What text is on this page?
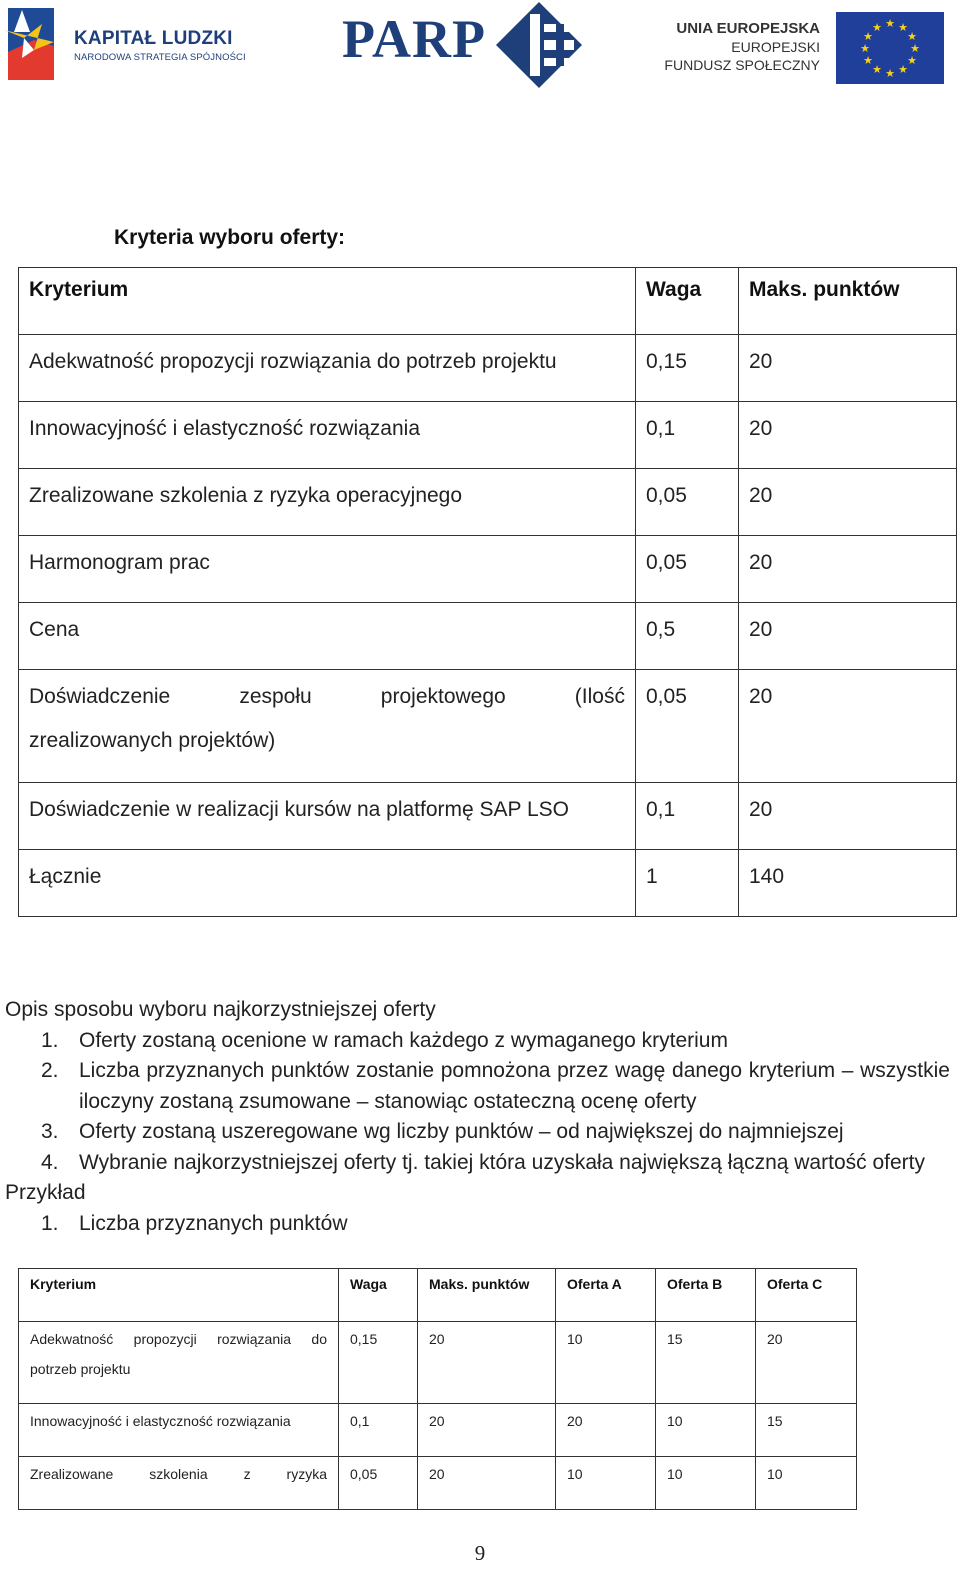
KAPITAŁ LUDZKI
NARODOWA STRATEGIA SPÓJNOŚCI PARP	UNIA EUROPEJSKA
EUROPEJSKI
FUNDUSZ SPOŁECZNY
★ ★
★
★
★
★
★
★
★
★
★
★
Kryteria wyboru oferty:
Kryterium	Waga	Maks. punktów
Adekwatność propozycji rozwiązania do potrzeb projektu	0,15	20
Innowacyjność i elastyczność rozwiązania	0,1	20
Zrealizowane szkolenia z ryzyka operacyjnego	0,05	20
Harmonogram prac	0,05	20
Cena	0,5	20

Doświadczenie zespołu projektowego (Ilość
zrealizowanych projektów)	0,05	20
Doświadczenie w realizacji kursów na platformę SAP LSO	0,1	20
Łącznie	1	140

Opis sposobu wyboru najkorzystniejszej oferty

1. Oferty zostaną ocenione w ramach każdego z wymaganego kryterium
2. Liczba przyznanych punktów zostanie pomnożona przez wagę danego kryterium – wszystkie iloczyny zostaną zsumowane – stanowiąc ostateczną ocenę oferty
3. Oferty zostaną uszeregowane wg liczby punktów – od największej do najmniejszej
4. Wybranie najkorzystniejszej oferty tj. takiej która uzyskała największą łączną wartość oferty

Przykład

1. Liczba przyznanych punktów
Kryterium	Waga	Maks. punktów	Oferta A	Oferta B	Oferta C

Adekwatność propozycji rozwiązania do
potrzeb projektu	0,15	20	10	15	20
Innowacyjność i elastyczność rozwiązania	0,1	20	20	10	15

Zrealizowane szkolenia z ryzyka	0,05	20	10	10	10
9
